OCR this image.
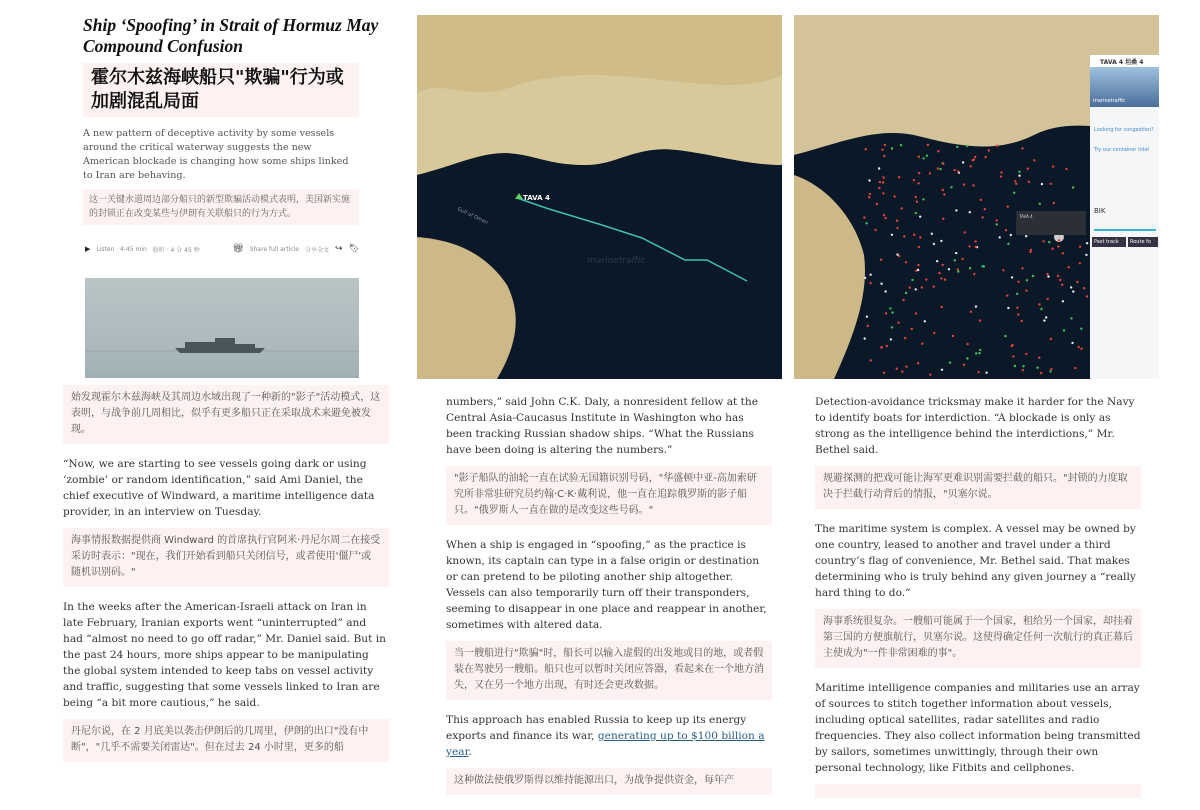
Ship ‘Spoofing’ in Strait of Hormuz May Compound Confusion
霍尔木兹海峡船只"欺骗"行为或加剧混乱局面
A new pattern of deceptive activity by some vessels around the critical waterway suggests the new American blockade is changing how some ships linked to Iran are behaving.
这一关键水道周边部分船只的新型欺骗活动模式表明，美国新实施的封锁正在改变某些与伊朗有关联船只的行为方式。
▶ Listen · 4:45 min 收听 · 4 分 45 秒	🎁︎ Share full article 分享全文 ↪ 🔖︎
TAVA 4
Gulf of Oman
marinetraffic
TAVA 4
TAVA 4 坦桑 4
marinetraffic
Looking for congestion?
Try our container intel
BIK
Past track	Route fo
始发现霍尔木兹海峡及其周边水域出现了一种新的"影子"活动模式，这表明，与战争前几周相比，似乎有更多船只正在采取战术来避免被发现。
“Now, we are starting to see vessels going dark or using ‘zombie’ or random identification,” said Ami Daniel, the chief executive of Windward, a maritime intelligence data provider, in an interview on Tuesday.
海事情报数据提供商 Windward 的首席执行官阿米·丹尼尔周二在接受采访时表示："现在，我们开始看到船只关闭信号，或者使用'僵尸'或随机识别码。"
In the weeks after the American-Israeli attack on Iran in late February, Iranian exports went “uninterrupted” and had “almost no need to go off radar,” Mr. Daniel said. But in the past 24 hours, more ships appear to be manipulating the global system intended to keep tabs on vessel activity and traffic, suggesting that some vessels linked to Iran are being “a bit more cautious,” he said.
丹尼尔说，在 2 月底美以袭击伊朗后的几周里，伊朗的出口"没有中断"，"几乎不需要关闭雷达"。但在过去 24 小时里，更多的船
numbers,” said John C.K. Daly, a nonresident fellow at the Central Asia-Caucasus Institute in Washington who has been tracking Russian shadow ships. “What the Russians have been doing is altering the numbers.”
"影子船队的油轮一直在试验无国籍识别号码，"华盛顿中亚-高加索研究所非常驻研究员约翰·C·K·戴利说，他一直在追踪俄罗斯的影子船只。"俄罗斯人一直在做的是改变这些号码。"
When a ship is engaged in “spoofing,” as the practice is known, its captain can type in a false origin or destination or can pretend to be piloting another ship altogether. Vessels can also temporarily turn off their transponders, seeming to disappear in one place and reappear in another, sometimes with altered data.
当一艘船进行"欺骗"时，船长可以输入虚假的出发地或目的地，或者假装在驾驶另一艘船。船只也可以暂时关闭应答器，看起来在一个地方消失，又在另一个地方出现，有时还会更改数据。
This approach has enabled Russia to keep up its energy exports and finance its war, generating up to $100 billion a year.
这种做法使俄罗斯得以维持能源出口，为战争提供资金，每年产
Detection-avoidance tricksmay make it harder for the Navy to identify boats for interdiction. “A blockade is only as strong as the intelligence behind the interdictions,” Mr. Bethel said.
规避探测的把戏可能让海军更难识别需要拦截的船只。"封锁的力度取决于拦截行动背后的情报，"贝塞尔说。
The maritime system is complex. A vessel may be owned by one country, leased to another and travel under a third country’s flag of convenience, Mr. Bethel said. That makes determining who is truly behind any given journey a “really hard thing to do.”
海事系统很复杂。一艘船可能属于一个国家，租给另一个国家，却挂着第三国的方便旗航行，贝塞尔说。这使得确定任何一次航行的真正幕后主使成为"一件非常困难的事"。
Maritime intelligence companies and militaries use an array of sources to stitch together information about vessels, including optical satellites, radar satellites and radio frequencies. They also collect information being transmitted by sailors, sometimes unwittingly, through their own personal technology, like Fitbits and cellphones.
